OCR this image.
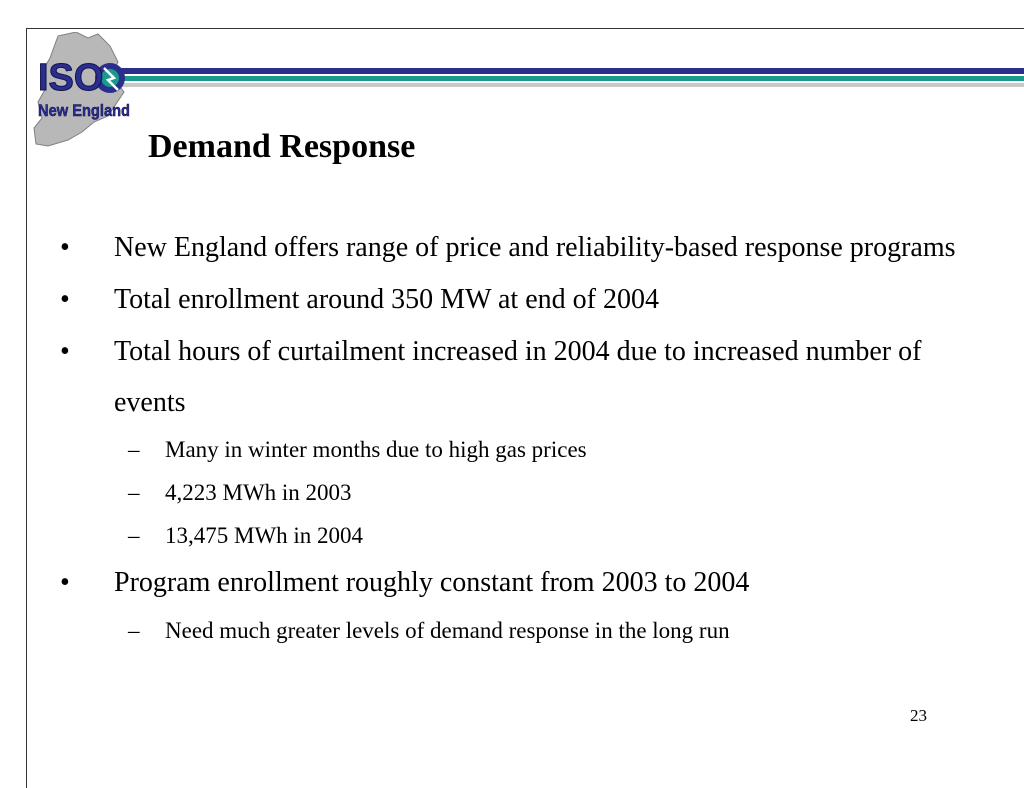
ISO
New England
Demand Response
•	New England offers range of price and reliability-based response programs
•	Total enrollment around 350 MW at end of 2004
•	Total hours of curtailment increased in 2004 due to increased number of events
–	Many in winter months due to high gas prices
–	4,223 MWh in 2003
–	13,475 MWh in 2004
•	Program enrollment roughly constant from 2003 to 2004
–	Need much greater levels of demand response in the long run
23
